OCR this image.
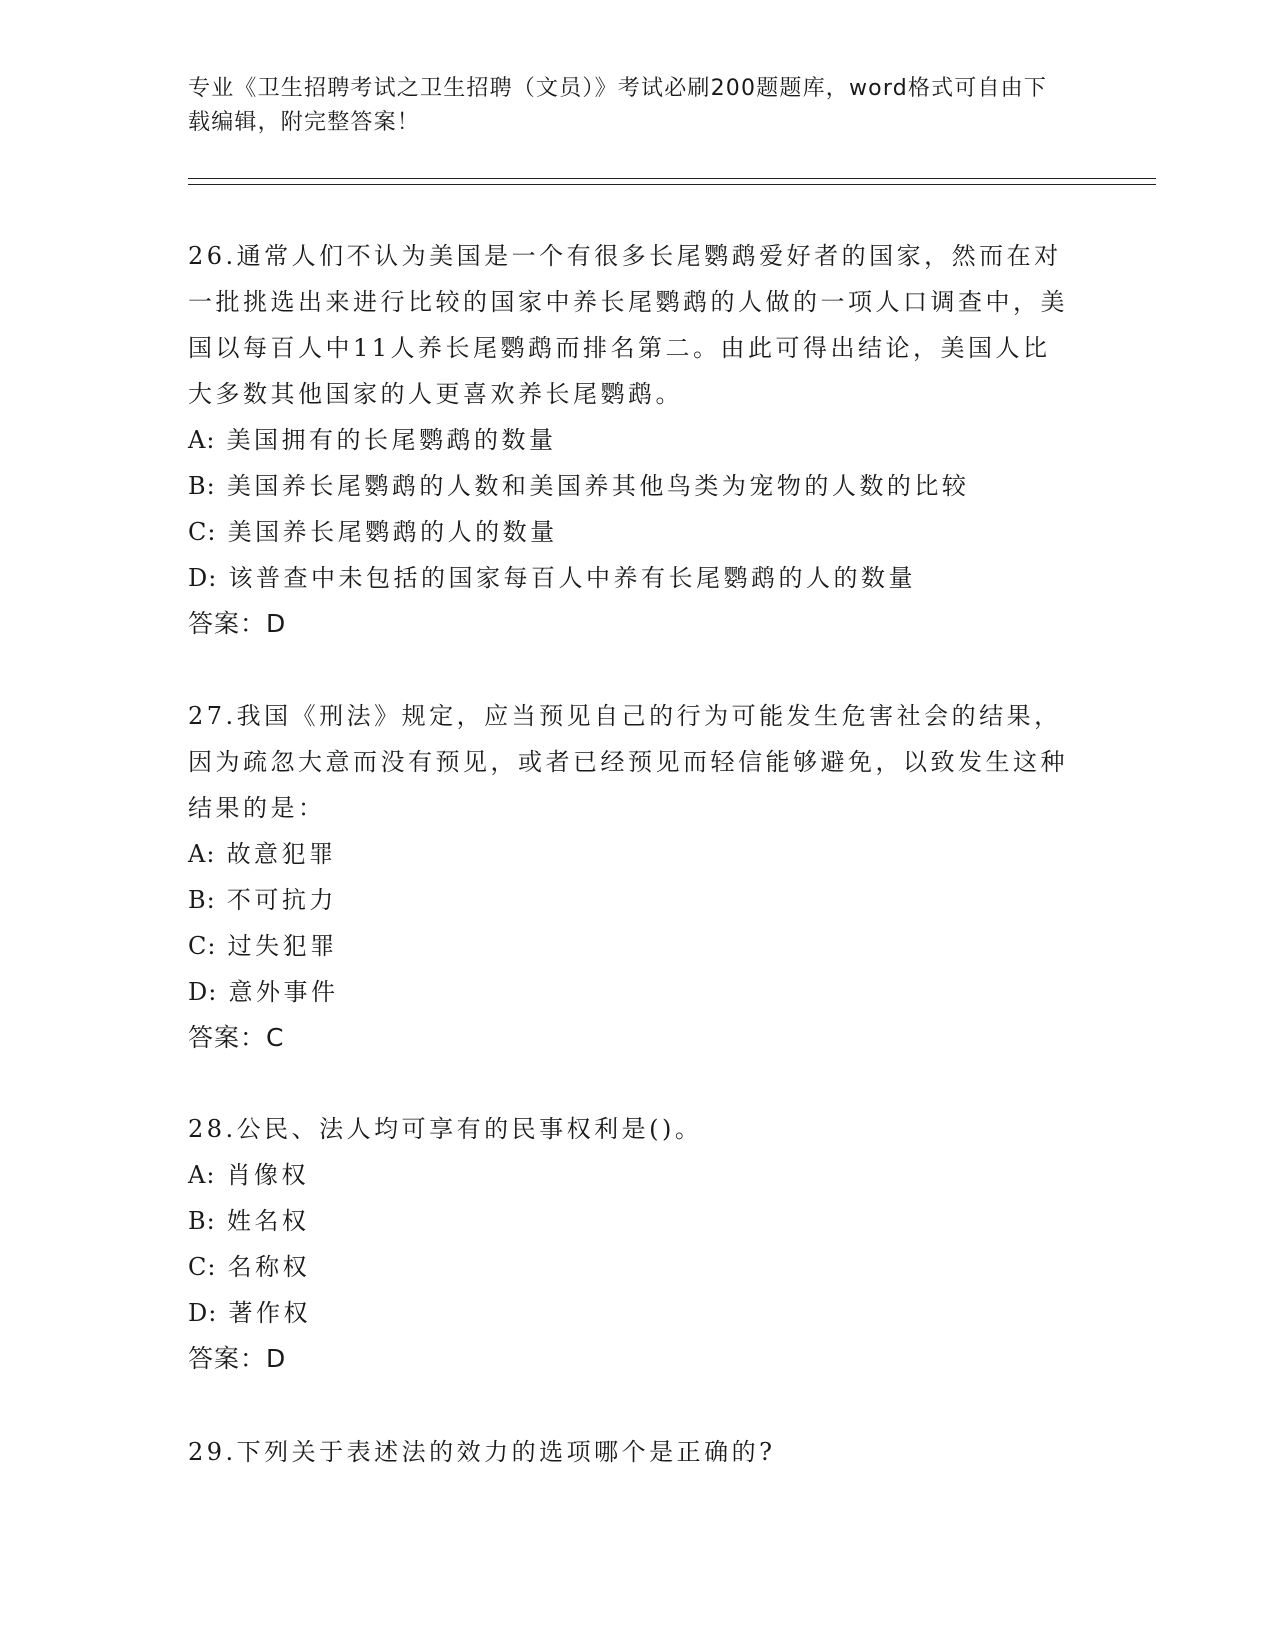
专业《卫生招聘考试之卫生招聘（文员）》考试必刷200题题库，word格式可自由下载编辑，附完整答案！

26.通常人们不认为美国是一个有很多长尾鹦鹉爱好者的国家，然而在对一批挑选出来进行比较的国家中养长尾鹦鹉的人做的一项人口调查中，美国以每百人中11人养长尾鹦鹉而排名第二。由此可得出结论，美国人比大多数其他国家的人更喜欢养长尾鹦鹉。

A: 美国拥有的长尾鹦鹉的数量

B: 美国养长尾鹦鹉的人数和美国养其他鸟类为宠物的人数的比较

C: 美国养长尾鹦鹉的人的数量

D: 该普查中未包括的国家每百人中养有长尾鹦鹉的人的数量

答案：D

27.我国《刑法》规定，应当预见自己的行为可能发生危害社会的结果，因为疏忽大意而没有预见，或者已经预见而轻信能够避免，以致发生这种结果的是：

A: 故意犯罪

B: 不可抗力

C: 过失犯罪

D: 意外事件

答案：C

28.公民、法人均可享有的民事权利是()。

A: 肖像权

B: 姓名权

C: 名称权

D: 著作权

答案：D

29.下列关于表述法的效力的选项哪个是正确的?
